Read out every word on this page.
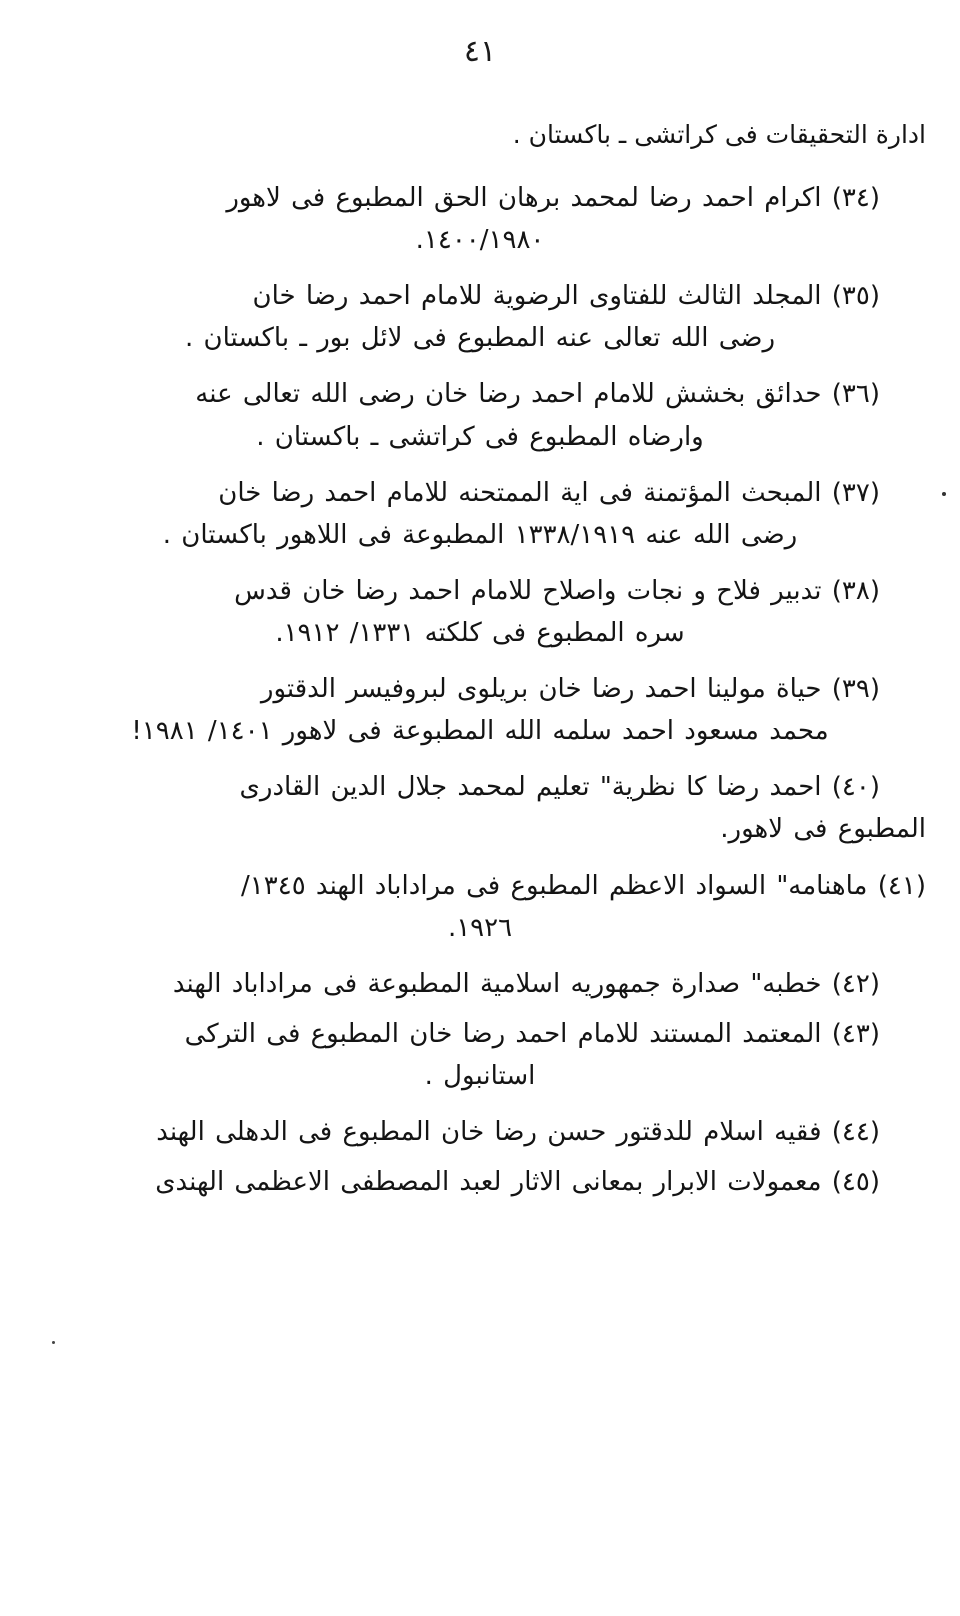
٤١
ادارة التحقيقات فى كراتشى ـ باكستان .
(٣٤) اكرام احمد رضا لمحمد برهان الحق المطبوع فى لاهور
١٤٠٠/١٩٨٠.
(٣٥) المجلد الثالث للفتاوى الرضوية للامام احمد رضا خان
رضى الله تعالى عنه المطبوع فى لائل بور ـ باكستان .
(٣٦) حدائق بخشش للامام احمد رضا خان رضى الله تعالى عنه
وارضاه المطبوع فى كراتشى ـ باكستان .
(٣٧) المبحث المؤتمنة فى اية الممتحنه للامام احمد رضا خان
رضى الله عنه ١٣٣٨/١٩١٩ المطبوعة فى اللاهور باكستان .
(٣٨) تدبير فلاح و نجات واصلاح للامام احمد رضا خان قدس
سره المطبوع فى كلكته ١٣٣١/ ١٩١٢.
(٣٩) حياة مولينا احمد رضا خان بريلوى لبروفيسر الدقتور
محمد مسعود احمد سلمه الله المطبوعة فى لاهور ١٤٠١/ ١٩٨١!
(٤٠) احمد رضا كا نظرية" تعليم لمحمد جلال الدين القادرى
المطبوع فى لاهور.
(٤١) ماهنامه" السواد الاعظم المطبوع فى مراداباد الهند ١٣٤٥/
١٩٢٦.
(٤٢) خطبه" صدارة جمهوريه اسلامية المطبوعة فى مراداباد الهند
(٤٣) المعتمد المستند للامام احمد رضا خان المطبوع فى التركى
استانبول .
(٤٤) فقيه اسلام للدقتور حسن رضا خان المطبوع فى الدهلى الهند
(٤٥) معمولات الابرار بمعانى الاثار لعبد المصطفى الاعظمى الهندى
